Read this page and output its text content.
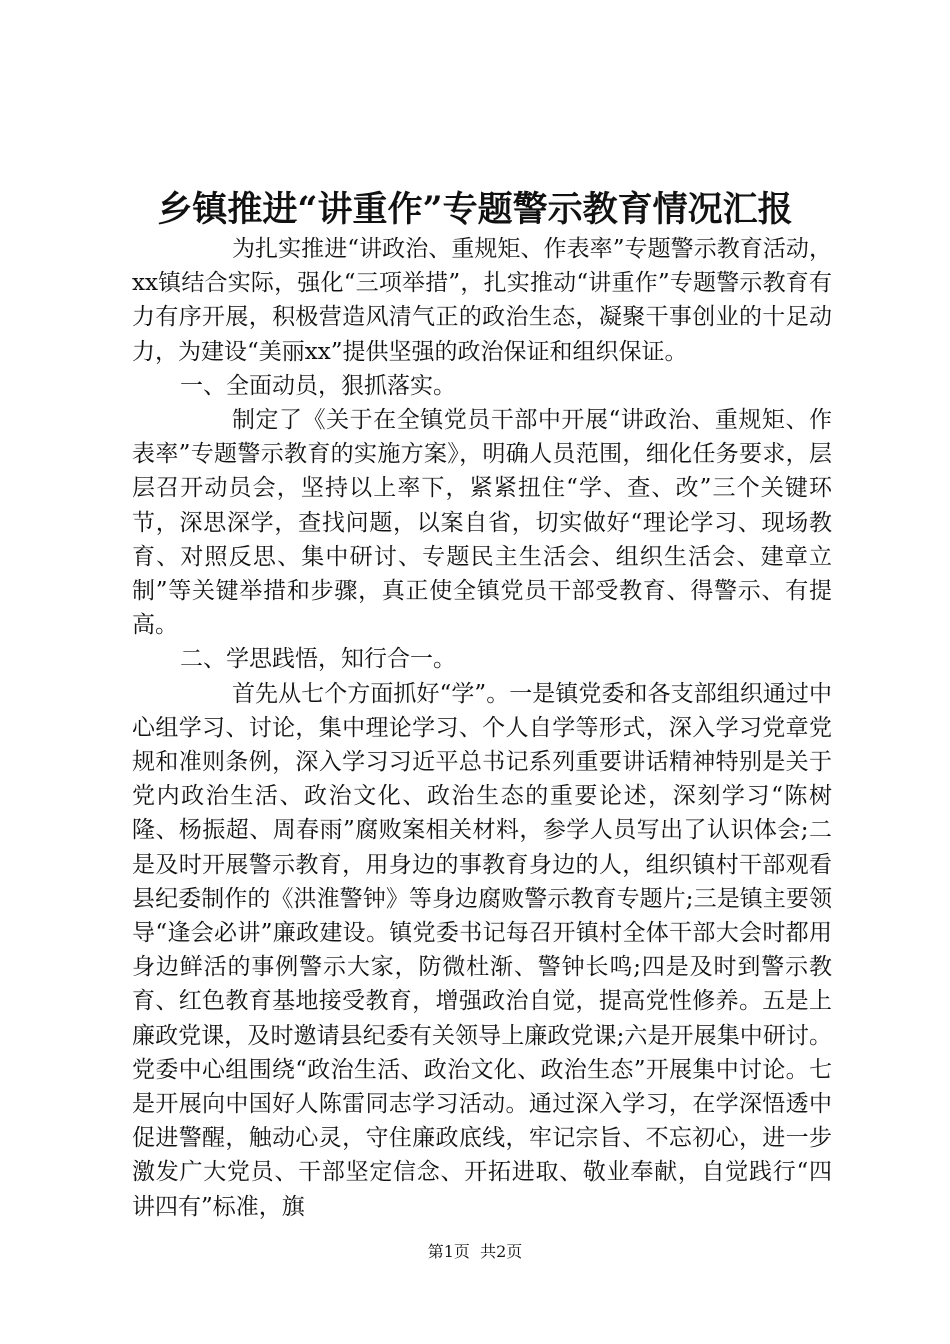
乡镇推进“讲重作”专题警示教育情况汇报

为扎实推进“讲政治、重规矩、作表率”专题警示教育活动，xx镇结合实际，强化“三项举措”，扎实推动“讲重作”专题警示教育有力有序开展，积极营造风清气正的政治生态，凝聚干事创业的十足动力，为建设“美丽xx”提供坚强的政治保证和组织保证。

一、全面动员，狠抓落实。

制定了《关于在全镇党员干部中开展“讲政治、重规矩、作表率”专题警示教育的实施方案》，明确人员范围，细化任务要求，层层召开动员会，坚持以上率下，紧紧扭住“学、查、改”三个关键环节，深思深学，查找问题，以案自省，切实做好“理论学习、现场教育、对照反思、集中研讨、专题民主生活会、组织生活会、建章立制”等关键举措和步骤，真正使全镇党员干部受教育、得警示、有提高。

二、学思践悟，知行合一。

首先从七个方面抓好“学”。一是镇党委和各支部组织通过中心组学习、讨论，集中理论学习、个人自学等形式，深入学习党章党规和准则条例，深入学习习近平总书记系列重要讲话精神特别是关于党内政治生活、政治文化、政治生态的重要论述，深刻学习“陈树隆、杨振超、周春雨”腐败案相关材料，参学人员写出了认识体会;二是及时开展警示教育，用身边的事教育身边的人，组织镇村干部观看县纪委制作的《洪淮警钟》等身边腐败警示教育专题片;三是镇主要领导“逢会必讲”廉政建设。镇党委书记每召开镇村全体干部大会时都用身边鲜活的事例警示大家，防微杜渐、警钟长鸣;四是及时到警示教育、红色教育基地接受教育，增强政治自觉，提高党性修养。五是上廉政党课，及时邀请县纪委有关领导上廉政党课;六是开展集中研讨。党委中心组围绕“政治生活、政治文化、政治生态”开展集中讨论。七是开展向中国好人陈雷同志学习活动。通过深入学习，在学深悟透中促进警醒，触动心灵，守住廉政底线，牢记宗旨、不忘初心，进一步激发广大党员、干部坚定信念、开拓进取、敬业奉献，自觉践行“四讲四有”标准，旗

第1页 共2页
